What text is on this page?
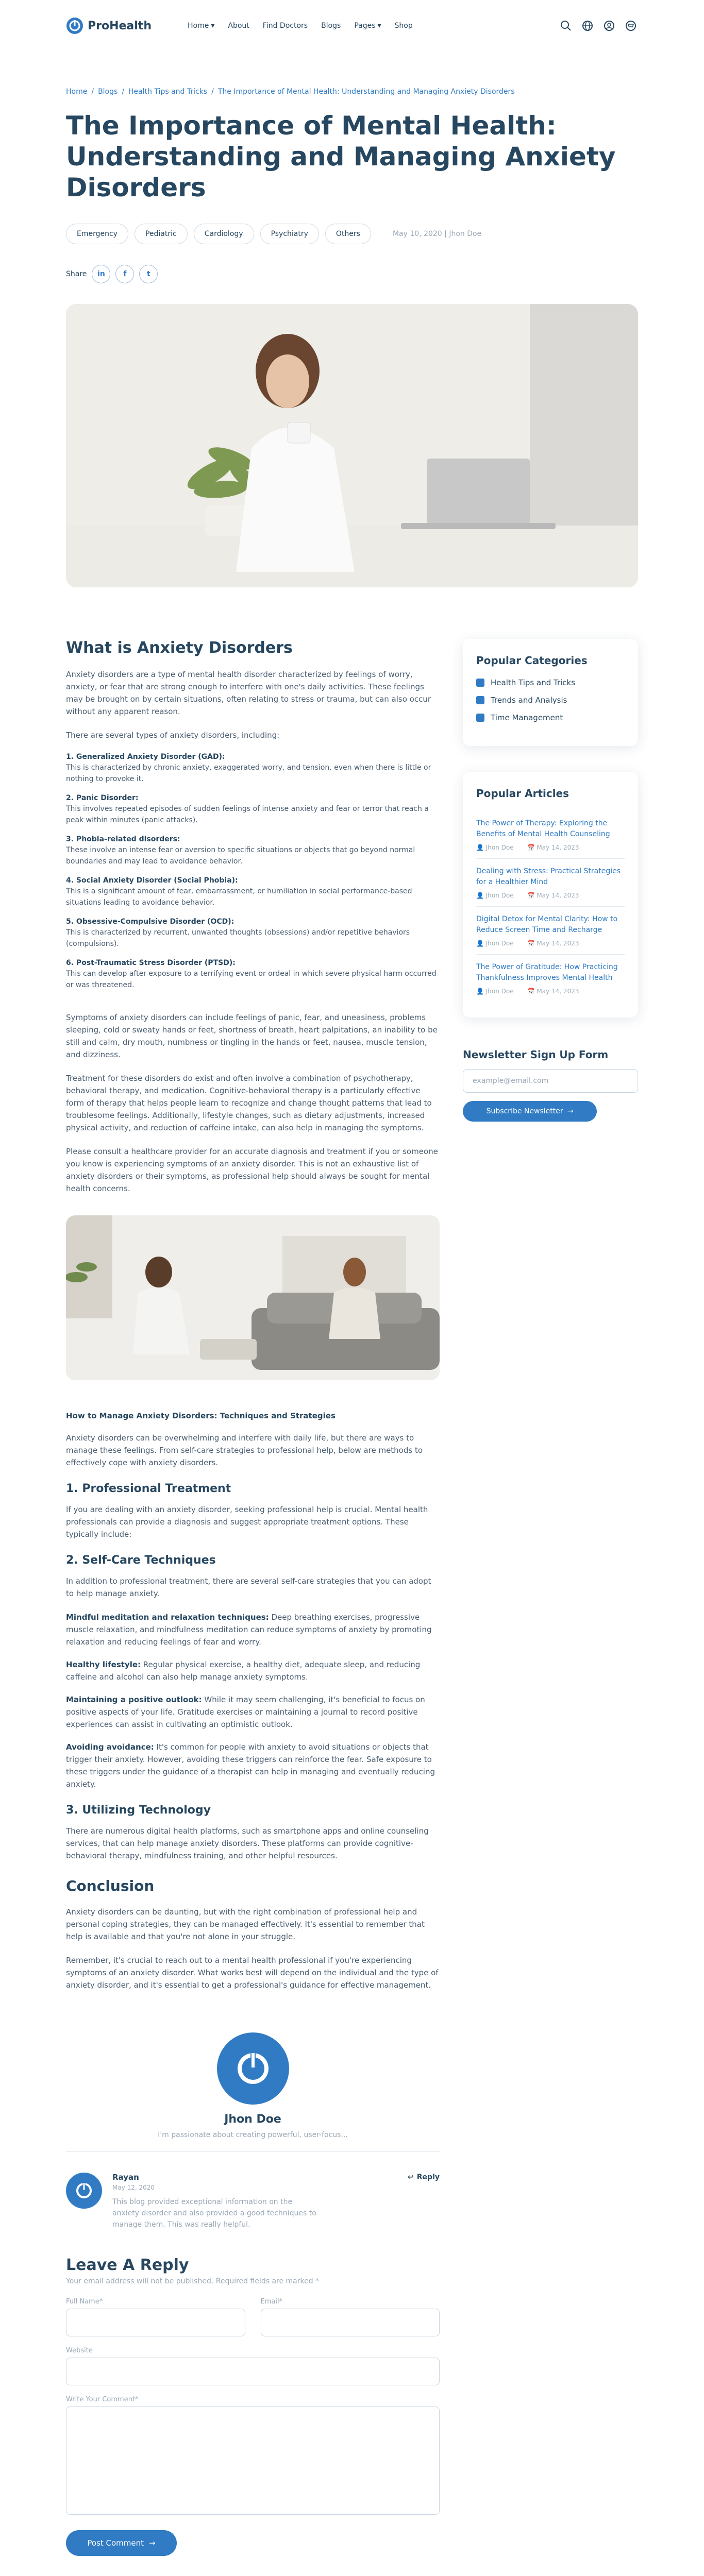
ProHealth	Home ▾ About Find Doctors Blogs Pages ▾ Shop
Home / Blogs / Health Tips and Tricks / The Importance of Mental Health: Understanding and Managing Anxiety Disorders
The Importance of Mental Health: Understanding and Managing Anxiety Disorders
Emergency	Pediatric	Cardiology	Psychiatry	Others	May 10, 2020 | Jhon Doe
Share	in	f	t
What is Anxiety Disorders

Anxiety disorders are a type of mental health disorder characterized by feelings of worry, anxiety, or fear that are strong enough to interfere with one's daily activities. These feelings may be brought on by certain situations, often relating to stress or trauma, but can also occur without any apparent reason.

There are several types of anxiety disorders, including:

1. Generalized Anxiety Disorder (GAD):
This is characterized by chronic anxiety, exaggerated worry, and tension, even when there is little or nothing to provoke it.
2. Panic Disorder:
This involves repeated episodes of sudden feelings of intense anxiety and fear or terror that reach a peak within minutes (panic attacks).
3. Phobia-related disorders:
These involve an intense fear or aversion to specific situations or objects that go beyond normal boundaries and may lead to avoidance behavior.
4. Social Anxiety Disorder (Social Phobia):
This is a significant amount of fear, embarrassment, or humiliation in social performance-based situations leading to avoidance behavior.
5. Obsessive-Compulsive Disorder (OCD):
This is characterized by recurrent, unwanted thoughts (obsessions) and/or repetitive behaviors (compulsions).
6. Post-Traumatic Stress Disorder (PTSD):
This can develop after exposure to a terrifying event or ordeal in which severe physical harm occurred or was threatened.

Symptoms of anxiety disorders can include feelings of panic, fear, and uneasiness, problems sleeping, cold or sweaty hands or feet, shortness of breath, heart palpitations, an inability to be still and calm, dry mouth, numbness or tingling in the hands or feet, nausea, muscle tension, and dizziness.

Treatment for these disorders do exist and often involve a combination of psychotherapy, behavioral therapy, and medication. Cognitive-behavioral therapy is a particularly effective form of therapy that helps people learn to recognize and change thought patterns that lead to troublesome feelings. Additionally, lifestyle changes, such as dietary adjustments, increased physical activity, and reduction of caffeine intake, can also help in managing the symptoms.

Please consult a healthcare provider for an accurate diagnosis and treatment if you or someone you know is experiencing symptoms of an anxiety disorder. This is not an exhaustive list of anxiety disorders or their symptoms, as professional help should always be sought for mental health concerns.

How to Manage Anxiety Disorders: Techniques and Strategies

Anxiety disorders can be overwhelming and interfere with daily life, but there are ways to manage these feelings. From self-care strategies to professional help, below are methods to effectively cope with anxiety disorders.

1. Professional Treatment

If you are dealing with an anxiety disorder, seeking professional help is crucial. Mental health professionals can provide a diagnosis and suggest appropriate treatment options. These typically include:

2. Self-Care Techniques

In addition to professional treatment, there are several self-care strategies that you can adopt to help manage anxiety.

Mindful meditation and relaxation techniques: Deep breathing exercises, progressive muscle relaxation, and mindfulness meditation can reduce symptoms of anxiety by promoting relaxation and reducing feelings of fear and worry.

Healthy lifestyle: Regular physical exercise, a healthy diet, adequate sleep, and reducing caffeine and alcohol can also help manage anxiety symptoms.

Maintaining a positive outlook: While it may seem challenging, it's beneficial to focus on positive aspects of your life. Gratitude exercises or maintaining a journal to record positive experiences can assist in cultivating an optimistic outlook.

Avoiding avoidance: It's common for people with anxiety to avoid situations or objects that trigger their anxiety. However, avoiding these triggers can reinforce the fear. Safe exposure to these triggers under the guidance of a therapist can help in managing and eventually reducing anxiety.

3. Utilizing Technology

There are numerous digital health platforms, such as smartphone apps and online counseling services, that can help manage anxiety disorders. These platforms can provide cognitive-behavioral therapy, mindfulness training, and other helpful resources.

Conclusion

Anxiety disorders can be daunting, but with the right combination of professional help and personal coping strategies, they can be managed effectively. It's essential to remember that help is available and that you're not alone in your struggle.

Remember, it's crucial to reach out to a mental health professional if you're experiencing symptoms of an anxiety disorder. What works best will depend on the individual and the type of anxiety disorder, and it's essential to get a professional's guidance for effective management.

Jhon Doe
I'm passionate about creating powerful, user-focus...
Rayan	↩ Reply
May 12, 2020
This blog provided exceptional information on the anxiety disorder and also provided a good techniques to manage them. This was really helpful.
Leave A Reply
Your email address will not be published. Required fields are marked *
Full Name*	Email*
Website
Write Your Comment*
Post Comment →
Popular Categories
Health Tips and Tricks
Trends and Analysis
Time Management
Popular Articles
The Power of Therapy: Exploring the Benefits of Mental Health Counseling
👤 Jhon Doe 📅 May 14, 2023
Dealing with Stress: Practical Strategies for a Healthier Mind
👤 Jhon Doe 📅 May 14, 2023
Digital Detox for Mental Clarity: How to Reduce Screen Time and Recharge
👤 Jhon Doe 📅 May 14, 2023
The Power of Gratitude: How Practicing Thankfulness Improves Mental Health
👤 Jhon Doe 📅 May 14, 2023
Newsletter Sign Up Form
example@email.com
Subscribe Newsletter →
